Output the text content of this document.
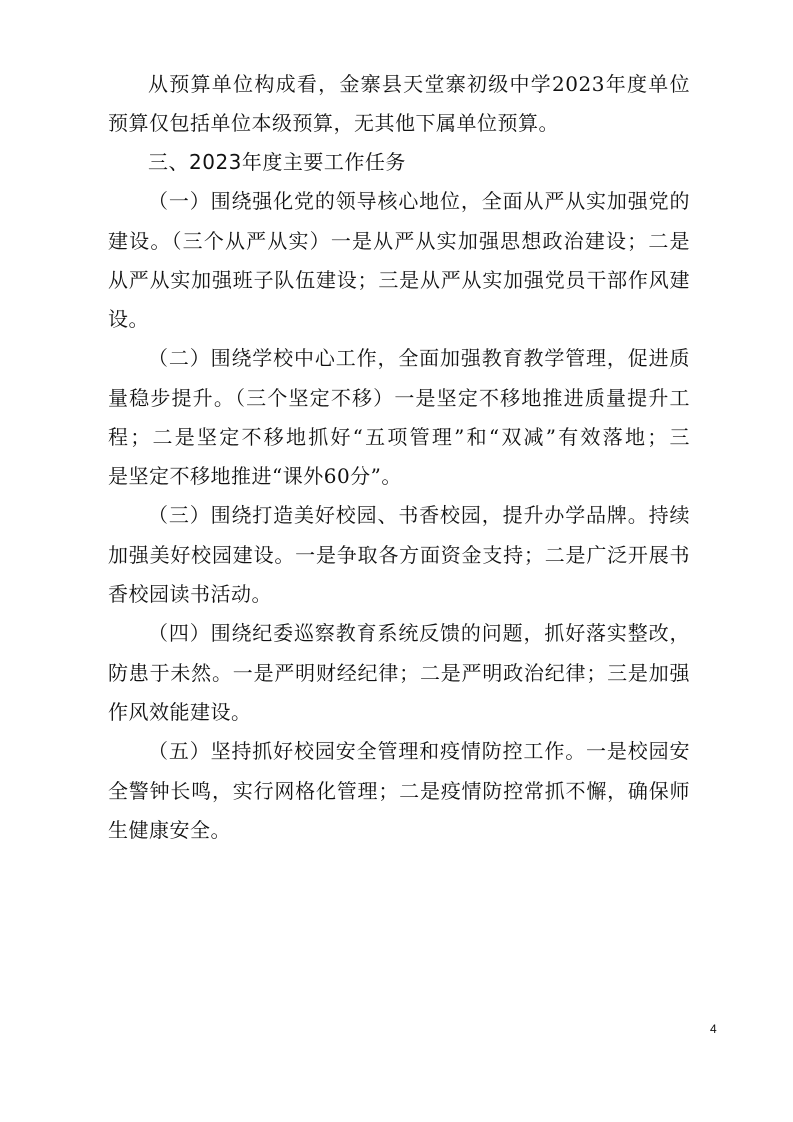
从预算单位构成看，金寨县天堂寨初级中学2023年度单位
预算仅包括单位本级预算，无其他下属单位预算。
三、2023年度主要工作任务
（一）围绕强化党的领导核心地位，全面从严从实加强党的
建设。（三个从严从实）一是从严从实加强思想政治建设；二是
从严从实加强班子队伍建设；三是从严从实加强党员干部作风建
设。
（二）围绕学校中心工作，全面加强教育教学管理，促进质
量稳步提升。（三个坚定不移）一是坚定不移地推进质量提升工
程；二是坚定不移地抓好“五项管理”和“双减”有效落地；三
是坚定不移地推进“课外60分”。
（三）围绕打造美好校园、书香校园，提升办学品牌。持续
加强美好校园建设。一是争取各方面资金支持；二是广泛开展书
香校园读书活动。
（四）围绕纪委巡察教育系统反馈的问题，抓好落实整改，
防患于未然。一是严明财经纪律；二是严明政治纪律；三是加强
作风效能建设。
（五）坚持抓好校园安全管理和疫情防控工作。一是校园安
全警钟长鸣，实行网格化管理；二是疫情防控常抓不懈，确保师
生健康安全。
4
